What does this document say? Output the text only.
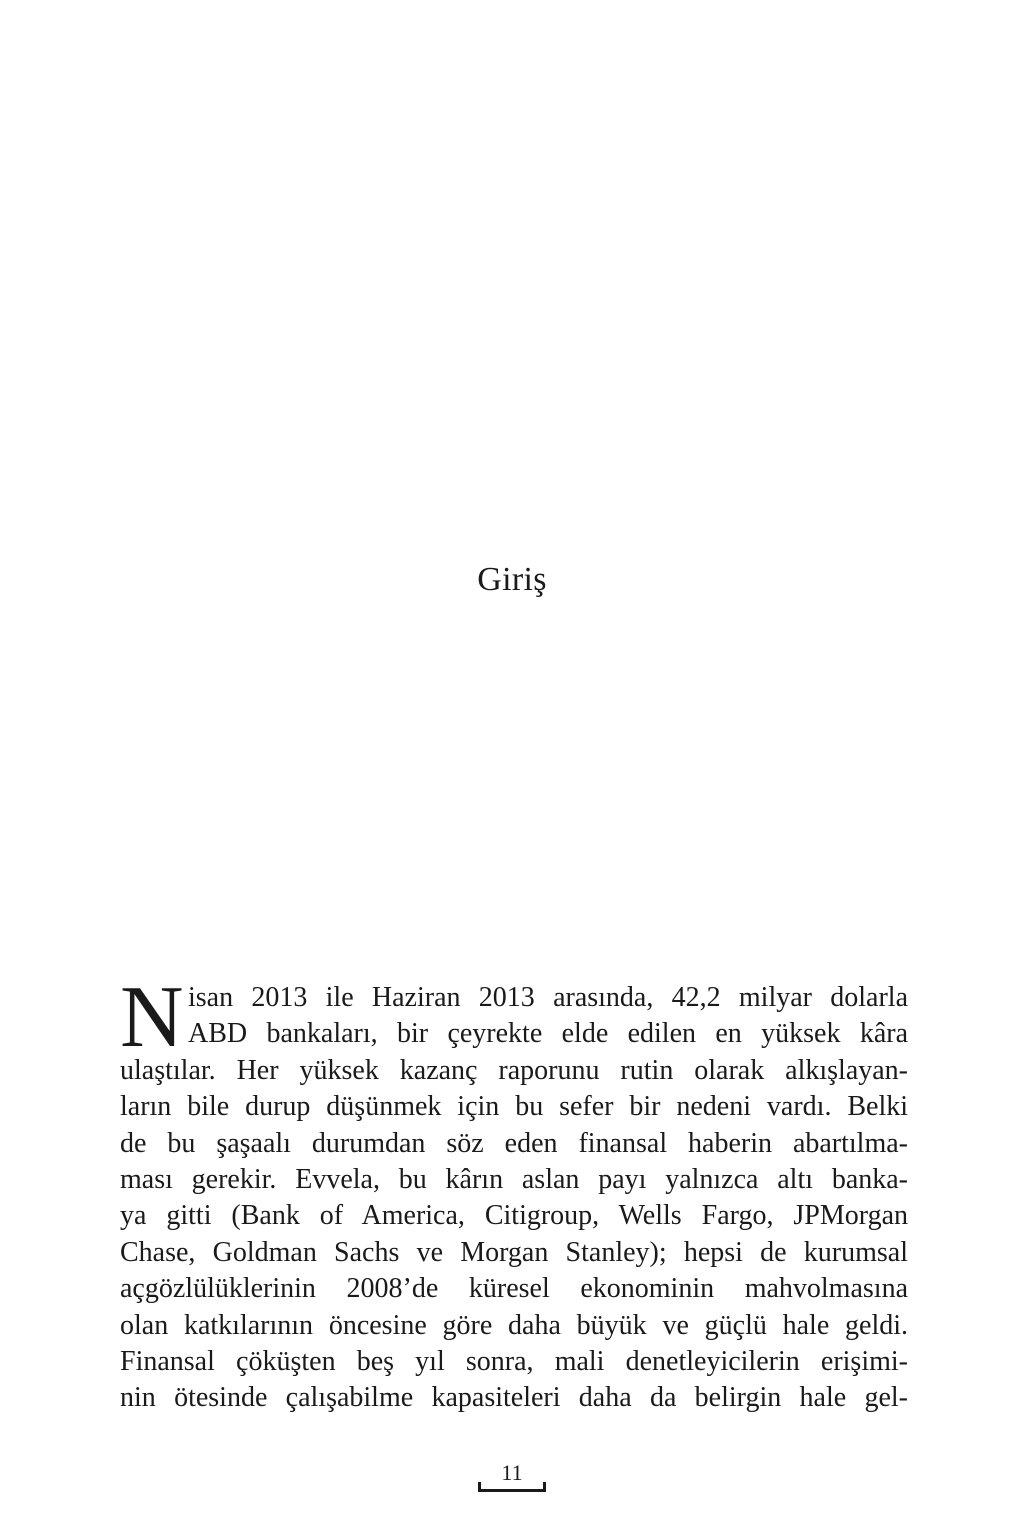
Giriş
N isan 2013 ile Haziran 2013 arasında, 42,2 milyar dolarla
ABD bankaları, bir çeyrekte elde edilen en yüksek kâra
ulaştılar. Her yüksek kazanç raporunu rutin olarak alkışlayan-
ların bile durup düşünmek için bu sefer bir nedeni vardı. Belki
de bu şaşaalı durumdan söz eden finansal haberin abartılma-
ması gerekir. Evvela, bu kârın aslan payı yalnızca altı banka-
ya gitti (Bank of America, Citigroup, Wells Fargo, JPMorgan
Chase, Goldman Sachs ve Morgan Stanley); hepsi de kurumsal
açgözlülüklerinin 2008’de küresel ekonominin mahvolmasına
olan katkılarının öncesine göre daha büyük ve güçlü hale geldi.
Finansal çöküşten beş yıl sonra, mali denetleyicilerin erişimi-
nin ötesinde çalışabilme kapasiteleri daha da belirgin hale gel-
11
